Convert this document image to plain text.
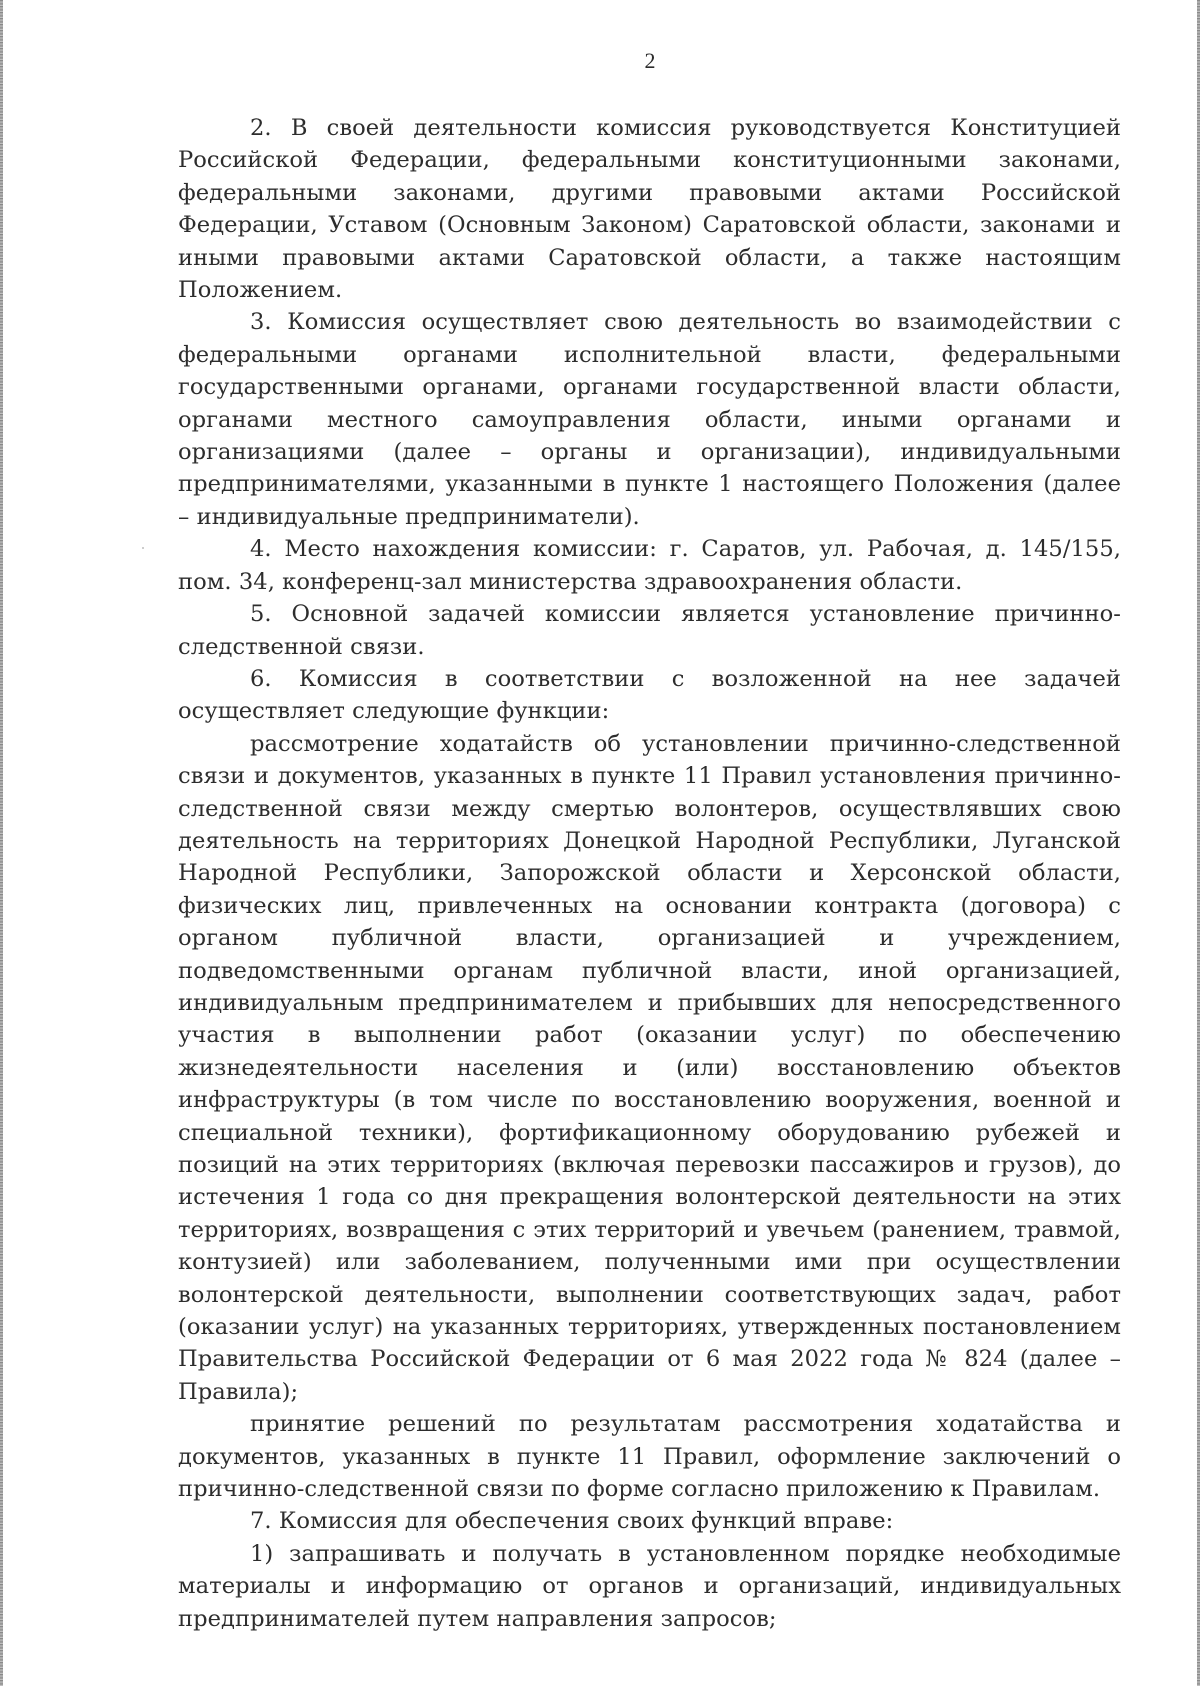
2

2. В своей деятельности комиссия руководствуется Конституцией Российской Федерации, федеральными конституционными законами, федеральными законами, другими правовыми актами Российской Федерации, Уставом (Основным Законом) Саратовской области, законами и иными правовыми актами Саратовской области, а также настоящим Положением.

3. Комиссия осуществляет свою деятельность во взаимодействии с федеральными органами исполнительной власти, федеральными государственными органами, органами государственной власти области, органами местного самоуправления области, иными органами и организациями (далее – органы и организации), индивидуальными предпринимателями, указанными в пункте 1 настоящего Положения (далее – индивидуальные предприниматели).

4. Место нахождения комиссии: г. Саратов, ул. Рабочая, д. 145/155, пом. 34, конференц-зал министерства здравоохранения области.

5. Основной задачей комиссии является установление причинно-следственной связи.

6. Комиссия в соответствии с возложенной на нее задачей осуществляет следующие функции:

рассмотрение ходатайств об установлении причинно-следственной связи и документов, указанных в пункте 11 Правил установления причинно-следственной связи между смертью волонтеров, осуществлявших свою деятельность на территориях Донецкой Народной Республики, Луганской Народной Республики, Запорожской области и Херсонской области, физических лиц, привлеченных на основании контракта (договора) с органом публичной власти, организацией и учреждением, подведомственными органам публичной власти, иной организацией, индивидуальным предпринимателем и прибывших для непосредственного участия в выполнении работ (оказании услуг) по обеспечению жизнедеятельности населения и (или) восстановлению объектов инфраструктуры (в том числе по восстановлению вооружения, военной и специальной техники), фортификационному оборудованию рубежей и позиций на этих территориях (включая перевозки пассажиров и грузов), до истечения 1 года со дня прекращения волонтерской деятельности на этих территориях, возвращения с этих территорий и увечьем (ранением, травмой, контузией) или заболеванием, полученными ими при осуществлении волонтерской деятельности, выполнении соответствующих задач, работ (оказании услуг) на указанных территориях, утвержденных постановлением Правительства Российской Федерации от 6 мая 2022 года № 824 (далее – Правила);

принятие решений по результатам рассмотрения ходатайства и документов, указанных в пункте 11 Правил, оформление заключений о причинно-следственной связи по форме согласно приложению к Правилам.

7. Комиссия для обеспечения своих функций вправе:

1) запрашивать и получать в установленном порядке необходимые материалы и информацию от органов и организаций, индивидуальных предпринимателей путем направления запросов;
